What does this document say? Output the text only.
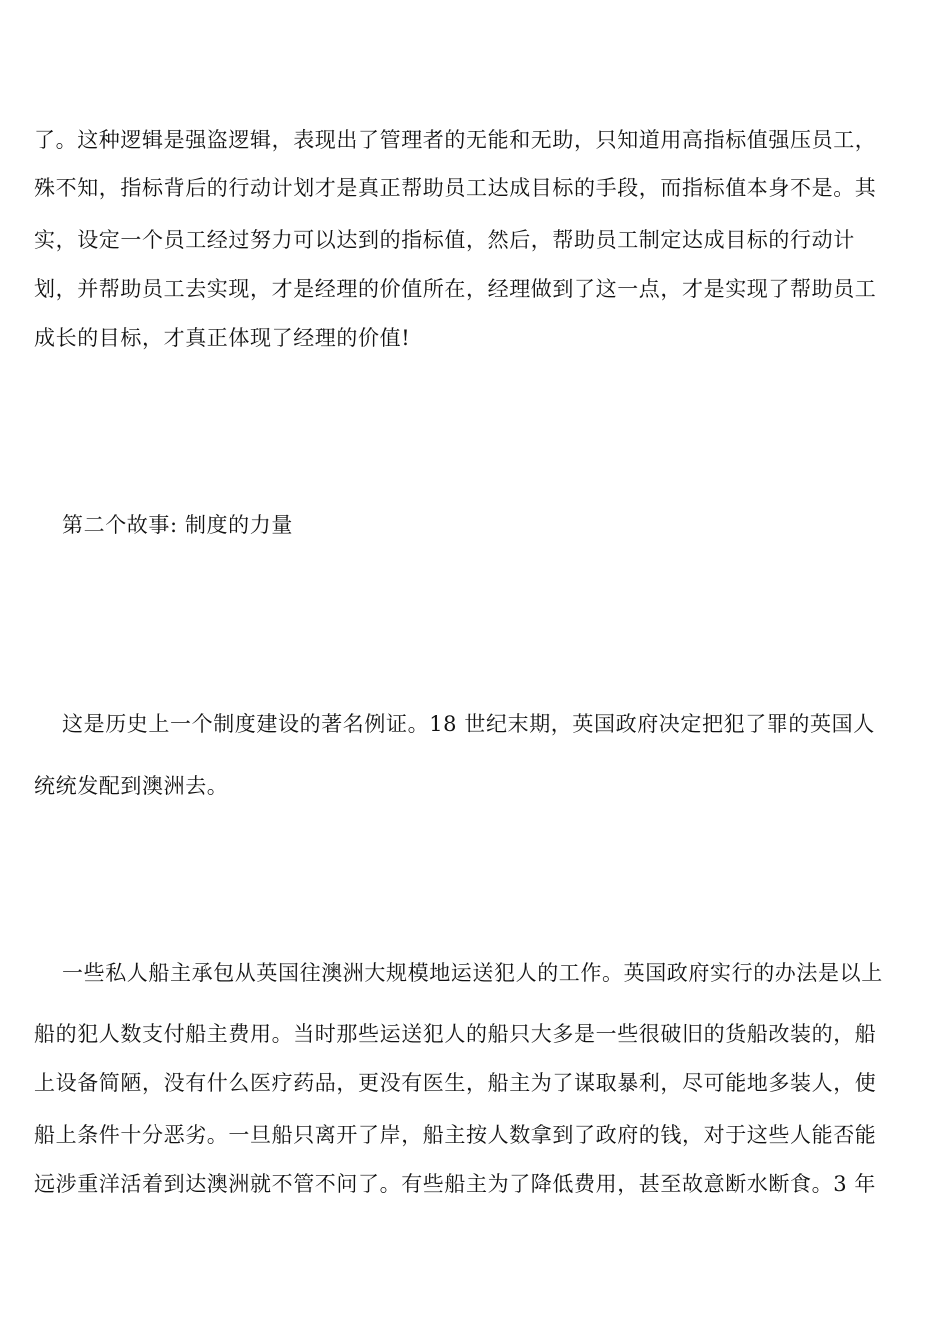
了。这种逻辑是强盗逻辑，表现出了管理者的无能和无助，只知道用高指标值强压员工，
殊不知，指标背后的行动计划才是真正帮助员工达成目标的手段，而指标值本身不是。其
实，设定一个员工经过努力可以达到的指标值，然后，帮助员工制定达成目标的行动计
划，并帮助员工去实现，才是经理的价值所在，经理做到了这一点，才是实现了帮助员工
成长的目标，才真正体现了经理的价值!
第二个故事: 制度的力量
这是历史上一个制度建设的著名例证。18 世纪末期，英国政府决定把犯了罪的英国人
统统发配到澳洲去。
一些私人船主承包从英国往澳洲大规模地运送犯人的工作。英国政府实行的办法是以上
船的犯人数支付船主费用。当时那些运送犯人的船只大多是一些很破旧的货船改装的，船
上设备简陋，没有什么医疗药品，更没有医生，船主为了谋取暴利，尽可能地多装人，使
船上条件十分恶劣。一旦船只离开了岸，船主按人数拿到了政府的钱，对于这些人能否能
远涉重洋活着到达澳洲就不管不问了。有些船主为了降低费用，甚至故意断水断食。3 年
